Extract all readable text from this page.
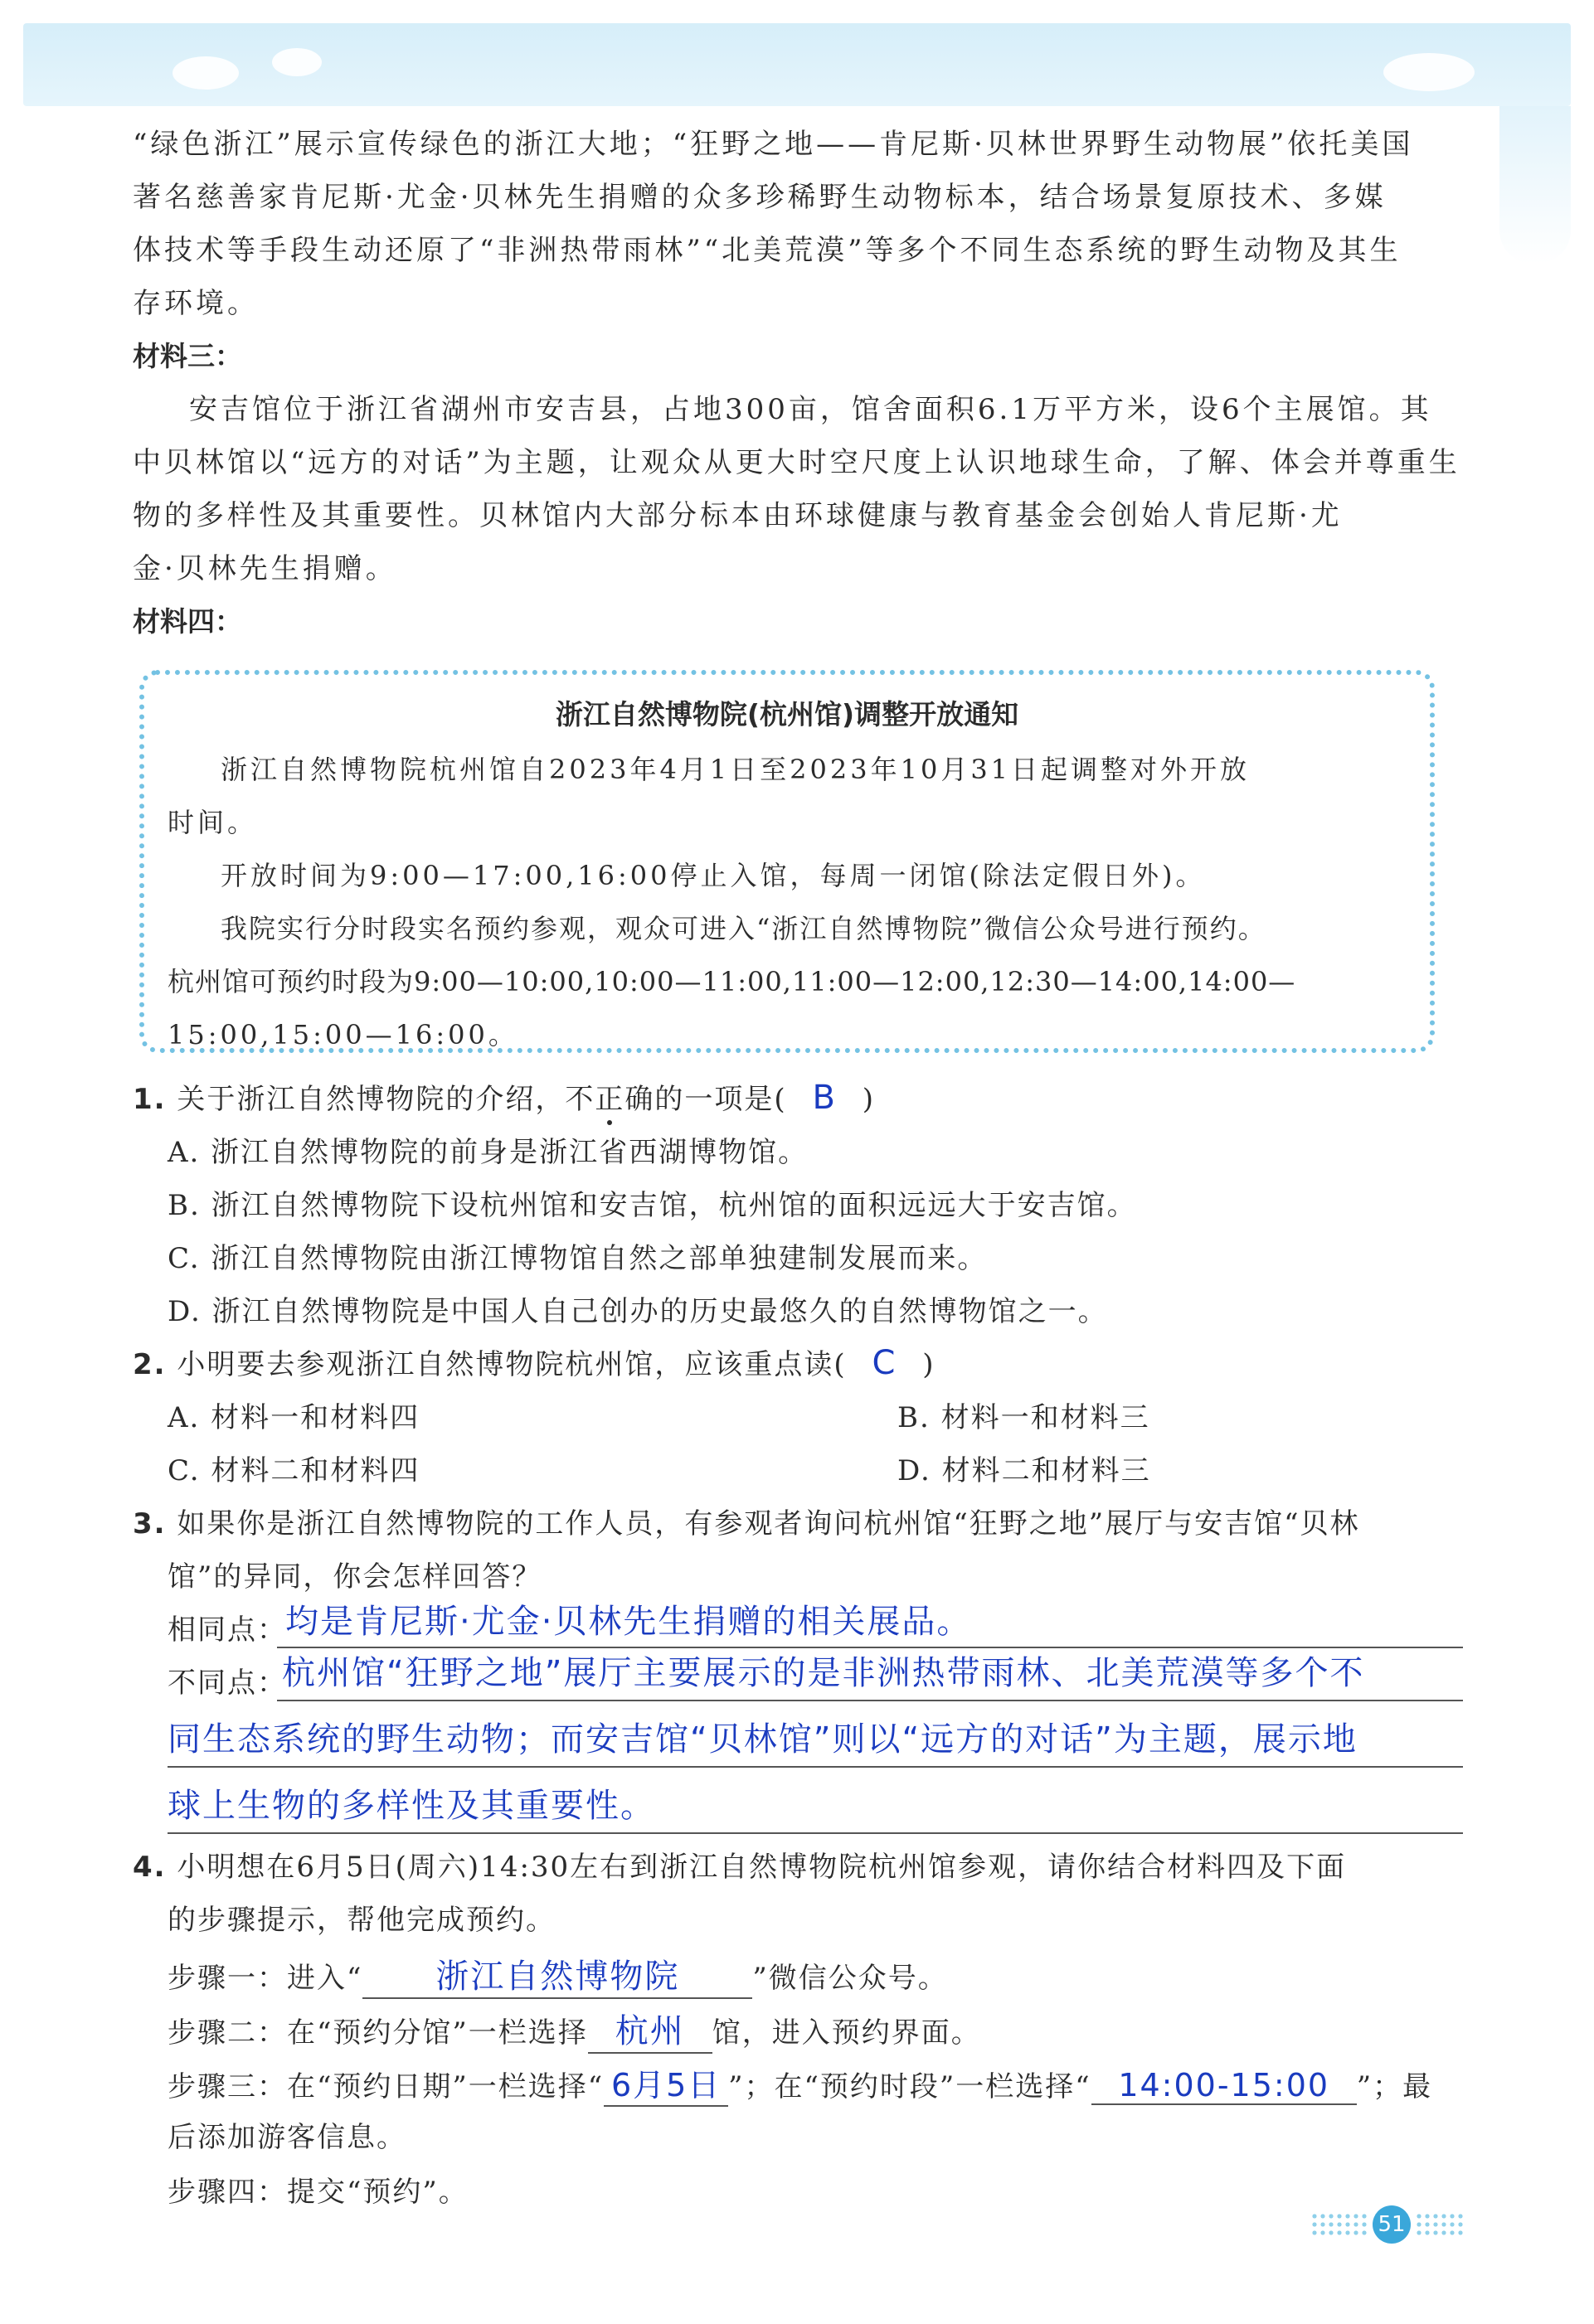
“绿色浙江”展示宣传绿色的浙江大地；“狂野之地——肯尼斯·贝林世界野生动物展”依托美国

著名慈善家肯尼斯·尤金·贝林先生捐赠的众多珍稀野生动物标本，结合场景复原技术、多媒

体技术等手段生动还原了“非洲热带雨林”“北美荒漠”等多个不同生态系统的野生动物及其生

存环境。

材料三：

安吉馆位于浙江省湖州市安吉县，占地300亩，馆舍面积6.1万平方米，设6个主展馆。其

中贝林馆以“远方的对话”为主题，让观众从更大时空尺度上认识地球生命，了解、体会并尊重生

物的多样性及其重要性。贝林馆内大部分标本由环球健康与教育基金会创始人肯尼斯·尤

金·贝林先生捐赠。

材料四：

浙江自然博物院(杭州馆)调整开放通知

浙江自然博物院杭州馆自2023年4月1日至2023年10月31日起调整对外开放

时间。

开放时间为9:00—17:00,16:00停止入馆，每周一闭馆(除法定假日外)。

我院实行分时段实名预约参观，观众可进入“浙江自然博物院”微信公众号进行预约。

杭州馆可预约时段为9:00—10:00,10:00—11:00,11:00—12:00,12:30—14:00,14:00—

15:00,15:00—16:00。

1. 关于浙江自然博物院的介绍，不正确的一项是( B )
A. 浙江自然博物院的前身是浙江省西湖博物馆。
B. 浙江自然博物院下设杭州馆和安吉馆，杭州馆的面积远远大于安吉馆。
C. 浙江自然博物院由浙江博物馆自然之部单独建制发展而来。
D. 浙江自然博物院是中国人自己创办的历史最悠久的自然博物馆之一。
2. 小明要去参观浙江自然博物院杭州馆，应该重点读( C )
A. 材料一和材料四	B. 材料一和材料三
C. 材料二和材料四	D. 材料二和材料三
3. 如果你是浙江自然博物院的工作人员，有参观者询问杭州馆“狂野之地”展厅与安吉馆“贝林
馆”的异同，你会怎样回答？
相同点：
均是肯尼斯·尤金·贝林先生捐赠的相关展品。
不同点：
杭州馆“狂野之地”展厅主要展示的是非洲热带雨林、北美荒漠等多个不
同生态系统的野生动物；而安吉馆“贝林馆”则以“远方的对话”为主题，展示地
球上生物的多样性及其重要性。
4. 小明想在6月5日(周六)14:30左右到浙江自然博物院杭州馆参观，请你结合材料四及下面
的步骤提示，帮他完成预约。
步骤一：进入“ 浙江自然博物院	”微信公众号。
步骤二：在“预约分馆”一栏选择 杭州 馆，进入预约界面。
步骤三：在“预约日期”一栏选择“ 6月5日 ”；在“预约时段”一栏选择“ 14:00-15:00 ”；最
后添加游客信息。
步骤四：提交“预约”。
51
